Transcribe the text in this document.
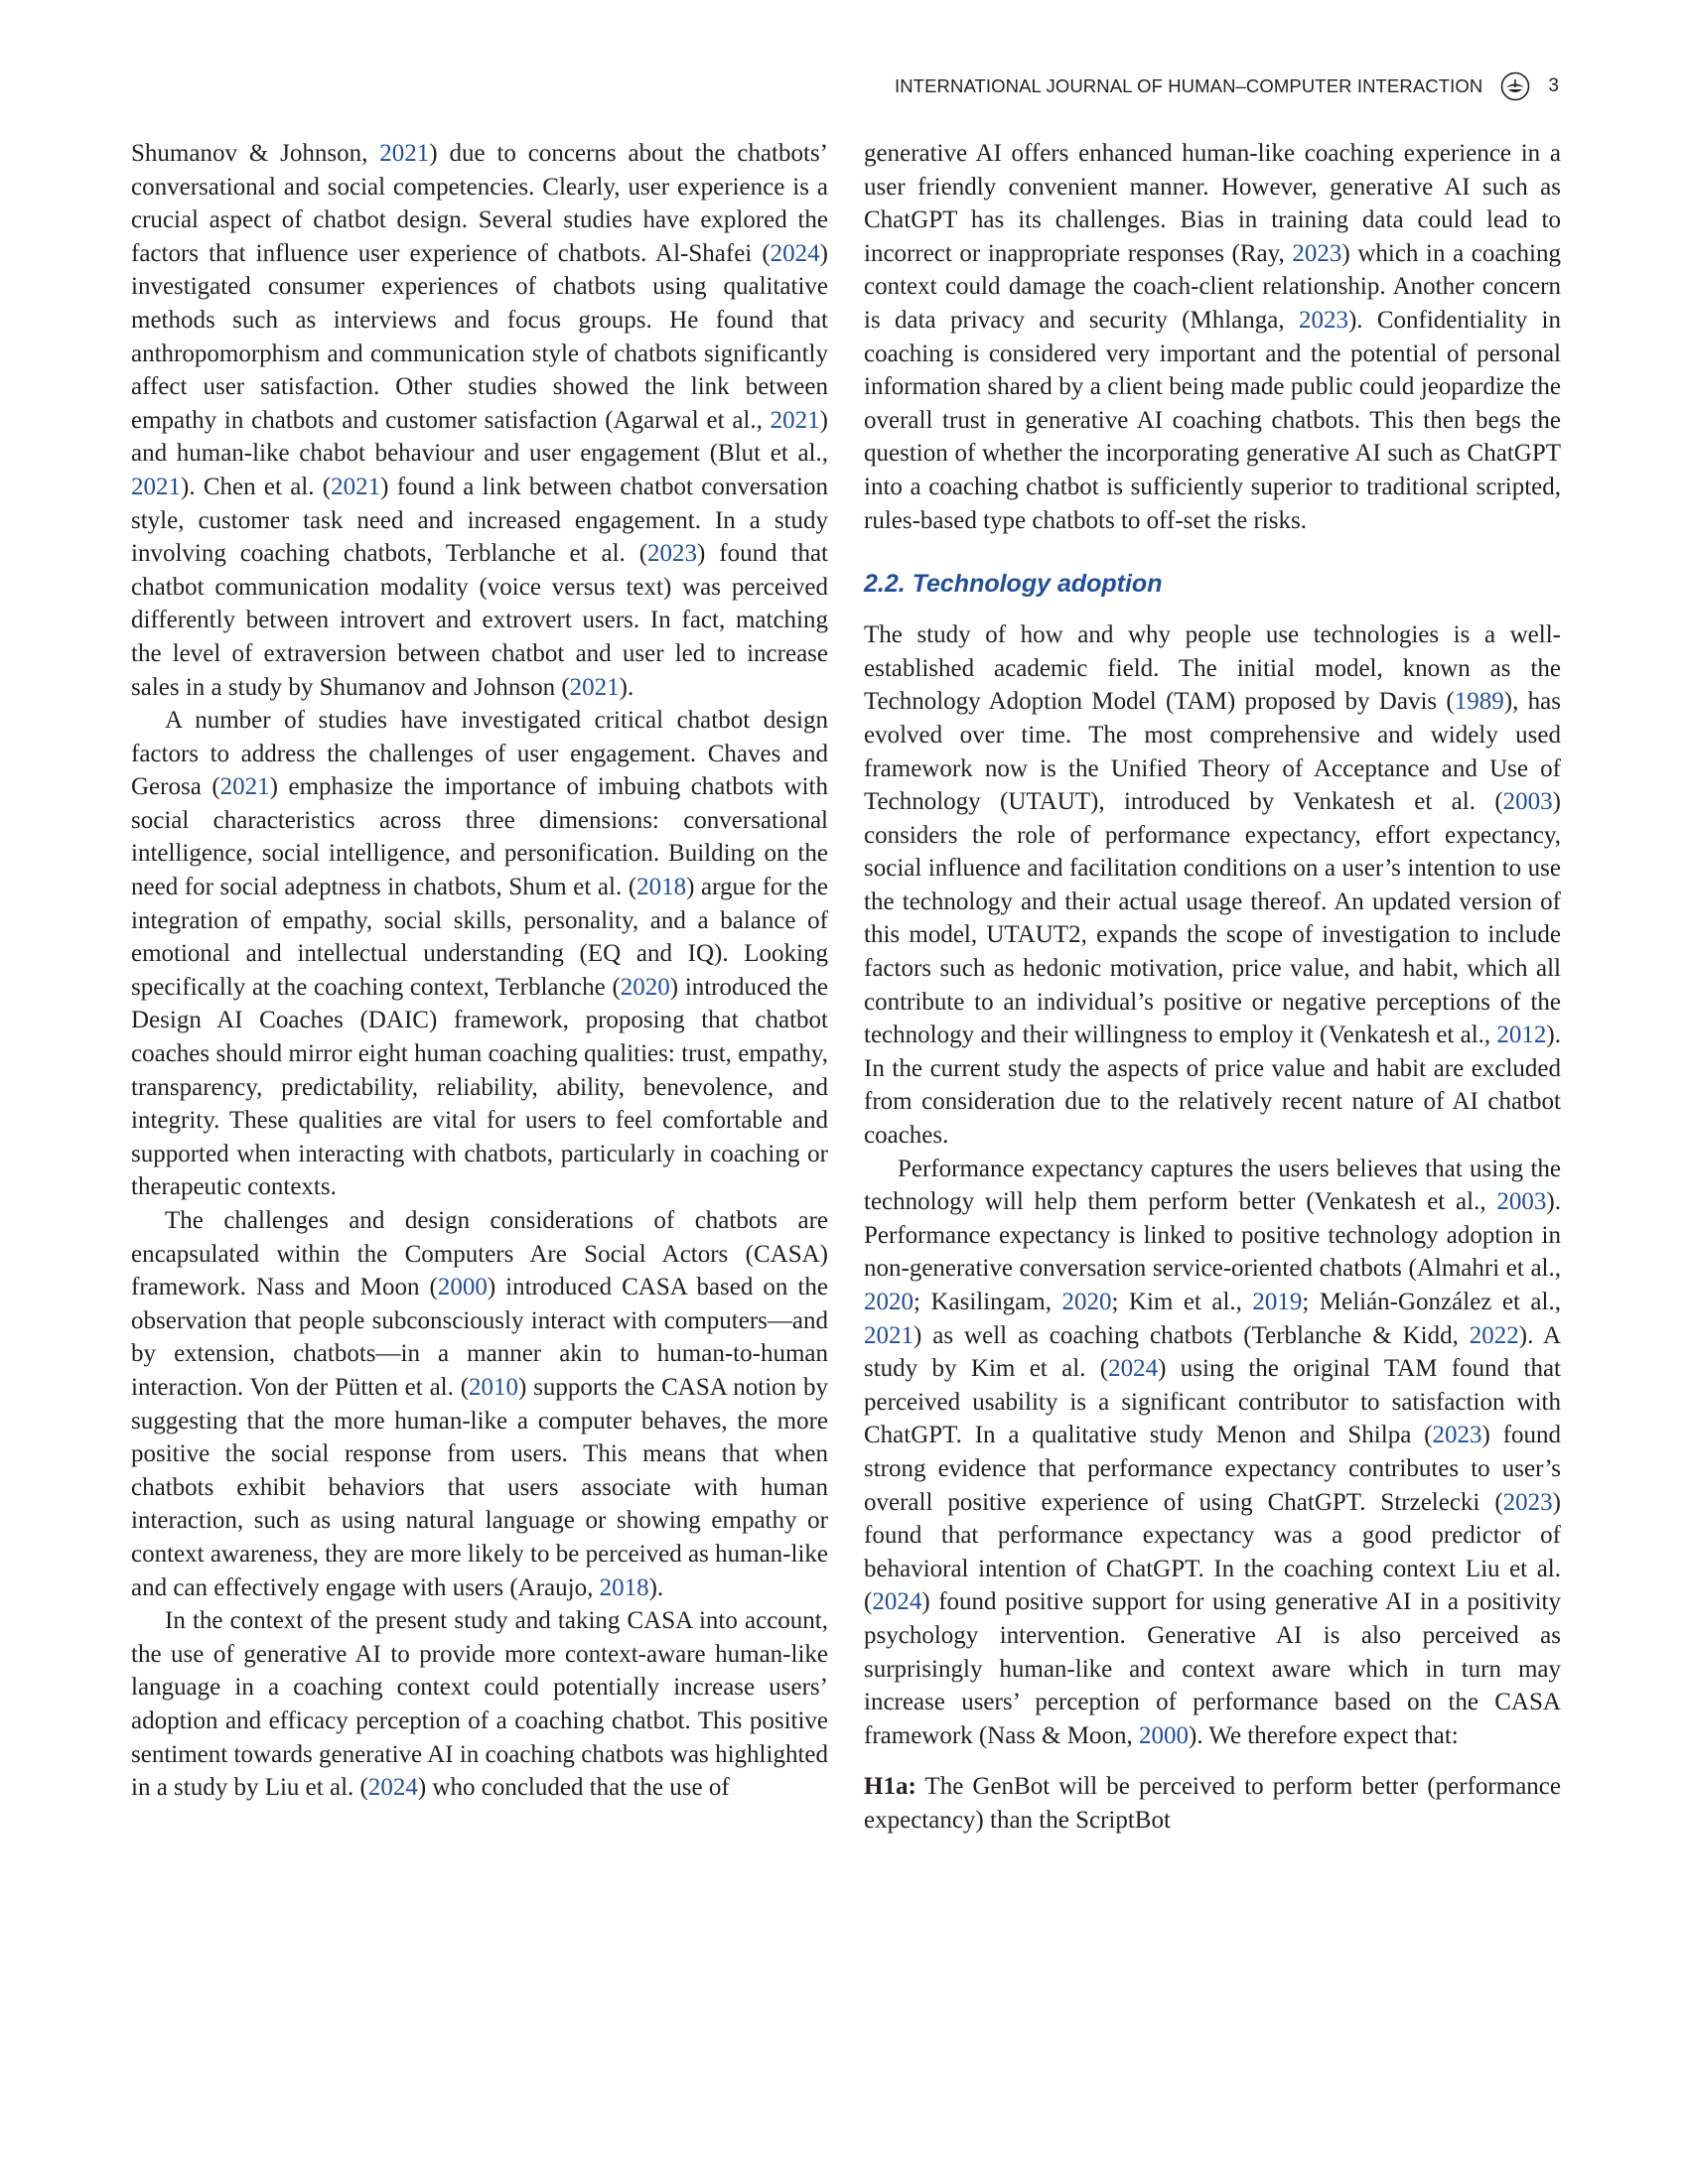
INTERNATIONAL JOURNAL OF HUMAN–COMPUTER INTERACTION	3

Shumanov & Johnson, 2021) due to concerns about the chatbots’ conversational and social competencies. Clearly, user experience is a crucial aspect of chatbot design. Several studies have explored the factors that influence user experience of chatbots. Al-Shafei (2024) investigated consumer experiences of chatbots using qualitative methods such as interviews and focus groups. He found that anthropomorphism and communication style of chatbots significantly affect user satisfaction. Other studies showed the link between empathy in chatbots and customer satisfaction (Agarwal et al., 2021) and human-like chabot behaviour and user engagement (Blut et al., 2021). Chen et al. (2021) found a link between chatbot conversation style, customer task need and increased engagement. In a study involving coaching chatbots, Terblanche et al. (2023) found that chatbot communication modality (voice versus text) was perceived differently between introvert and extrovert users. In fact, matching the level of extraversion between chatbot and user led to increase sales in a study by Shumanov and Johnson (2021).

A number of studies have investigated critical chatbot design factors to address the challenges of user engagement. Chaves and Gerosa (2021) emphasize the importance of imbuing chatbots with social characteristics across three dimensions: conversational intelligence, social intelligence, and personification. Building on the need for social adeptness in chatbots, Shum et al. (2018) argue for the integration of empathy, social skills, personality, and a balance of emotional and intellectual understanding (EQ and IQ). Looking specifically at the coaching context, Terblanche (2020) introduced the Design AI Coaches (DAIC) framework, proposing that chatbot coaches should mirror eight human coaching qualities: trust, empathy, transparency, predictability, reliability, ability, benevolence, and integrity. These qualities are vital for users to feel comfortable and supported when interacting with chatbots, particularly in coaching or therapeutic contexts.

The challenges and design considerations of chatbots are encapsulated within the Computers Are Social Actors (CASA) framework. Nass and Moon (2000) introduced CASA based on the observation that people subconsciously interact with computers—and by extension, chatbots—in a manner akin to human-to-human interaction. Von der Pütten et al. (2010) supports the CASA notion by suggesting that the more human-like a computer behaves, the more positive the social response from users. This means that when chatbots exhibit behaviors that users associate with human interaction, such as using natural language or showing empathy or context awareness, they are more likely to be perceived as human-like and can effectively engage with users (Araujo, 2018).

In the context of the present study and taking CASA into account, the use of generative AI to provide more context-aware human-like language in a coaching context could potentially increase users’ adoption and efficacy perception of a coaching chatbot. This positive sentiment towards generative AI in coaching chatbots was highlighted in a study by Liu et al. (2024) who concluded that the use of

generative AI offers enhanced human-like coaching experience in a user friendly convenient manner. However, generative AI such as ChatGPT has its challenges. Bias in training data could lead to incorrect or inappropriate responses (Ray, 2023) which in a coaching context could damage the coach-client relationship. Another concern is data privacy and security (Mhlanga, 2023). Confidentiality in coaching is considered very important and the potential of personal information shared by a client being made public could jeopardize the overall trust in generative AI coaching chatbots. This then begs the question of whether the incorporating generative AI such as ChatGPT into a coaching chatbot is sufficiently superior to traditional scripted, rules-based type chatbots to off-set the risks.

2.2. Technology adoption

The study of how and why people use technologies is a well-established academic field. The initial model, known as the Technology Adoption Model (TAM) proposed by Davis (1989), has evolved over time. The most comprehensive and widely used framework now is the Unified Theory of Acceptance and Use of Technology (UTAUT), introduced by Venkatesh et al. (2003) considers the role of performance expectancy, effort expectancy, social influence and facilitation conditions on a user’s intention to use the technology and their actual usage thereof. An updated version of this model, UTAUT2, expands the scope of investigation to include factors such as hedonic motivation, price value, and habit, which all contribute to an individual’s positive or negative perceptions of the technology and their willingness to employ it (Venkatesh et al., 2012). In the current study the aspects of price value and habit are excluded from consideration due to the relatively recent nature of AI chatbot coaches.

Performance expectancy captures the users believes that using the technology will help them perform better (Venkatesh et al., 2003). Performance expectancy is linked to positive technology adoption in non-generative conversation service-oriented chatbots (Almahri et al., 2020; Kasilingam, 2020; Kim et al., 2019; Melián-González et al., 2021) as well as coaching chatbots (Terblanche & Kidd, 2022). A study by Kim et al. (2024) using the original TAM found that perceived usability is a significant contributor to satisfaction with ChatGPT. In a qualitative study Menon and Shilpa (2023) found strong evidence that performance expectancy contributes to user’s overall positive experience of using ChatGPT. Strzelecki (2023) found that performance expectancy was a good predictor of behavioral intention of ChatGPT. In the coaching context Liu et al. (2024) found positive support for using generative AI in a positivity psychology intervention. Generative AI is also perceived as surprisingly human-like and context aware which in turn may increase users’ perception of performance based on the CASA framework (Nass & Moon, 2000). We therefore expect that:

H1a: The GenBot will be perceived to perform better (performance expectancy) than the ScriptBot
